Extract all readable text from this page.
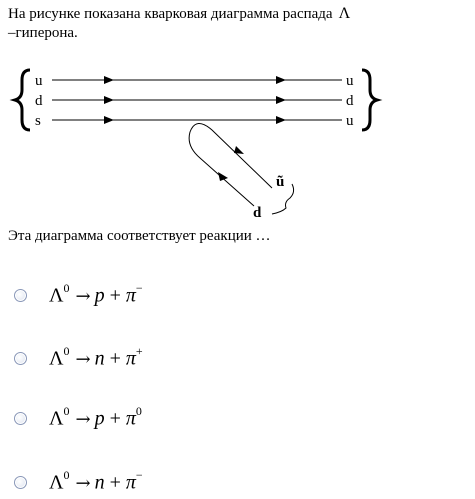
На рисунке показана кварковая диаграмма распада Λ
–гиперона.
u
d
s
u
d
u
ũ
d
Эта диаграмма соответствует реакции …
$\Lambda^0 \to p + \pi^-$
$\Lambda^0 \to n + \pi^+$
$\Lambda^0 \to p + \pi^0$
$\Lambda^0 \to n + \pi^-$
